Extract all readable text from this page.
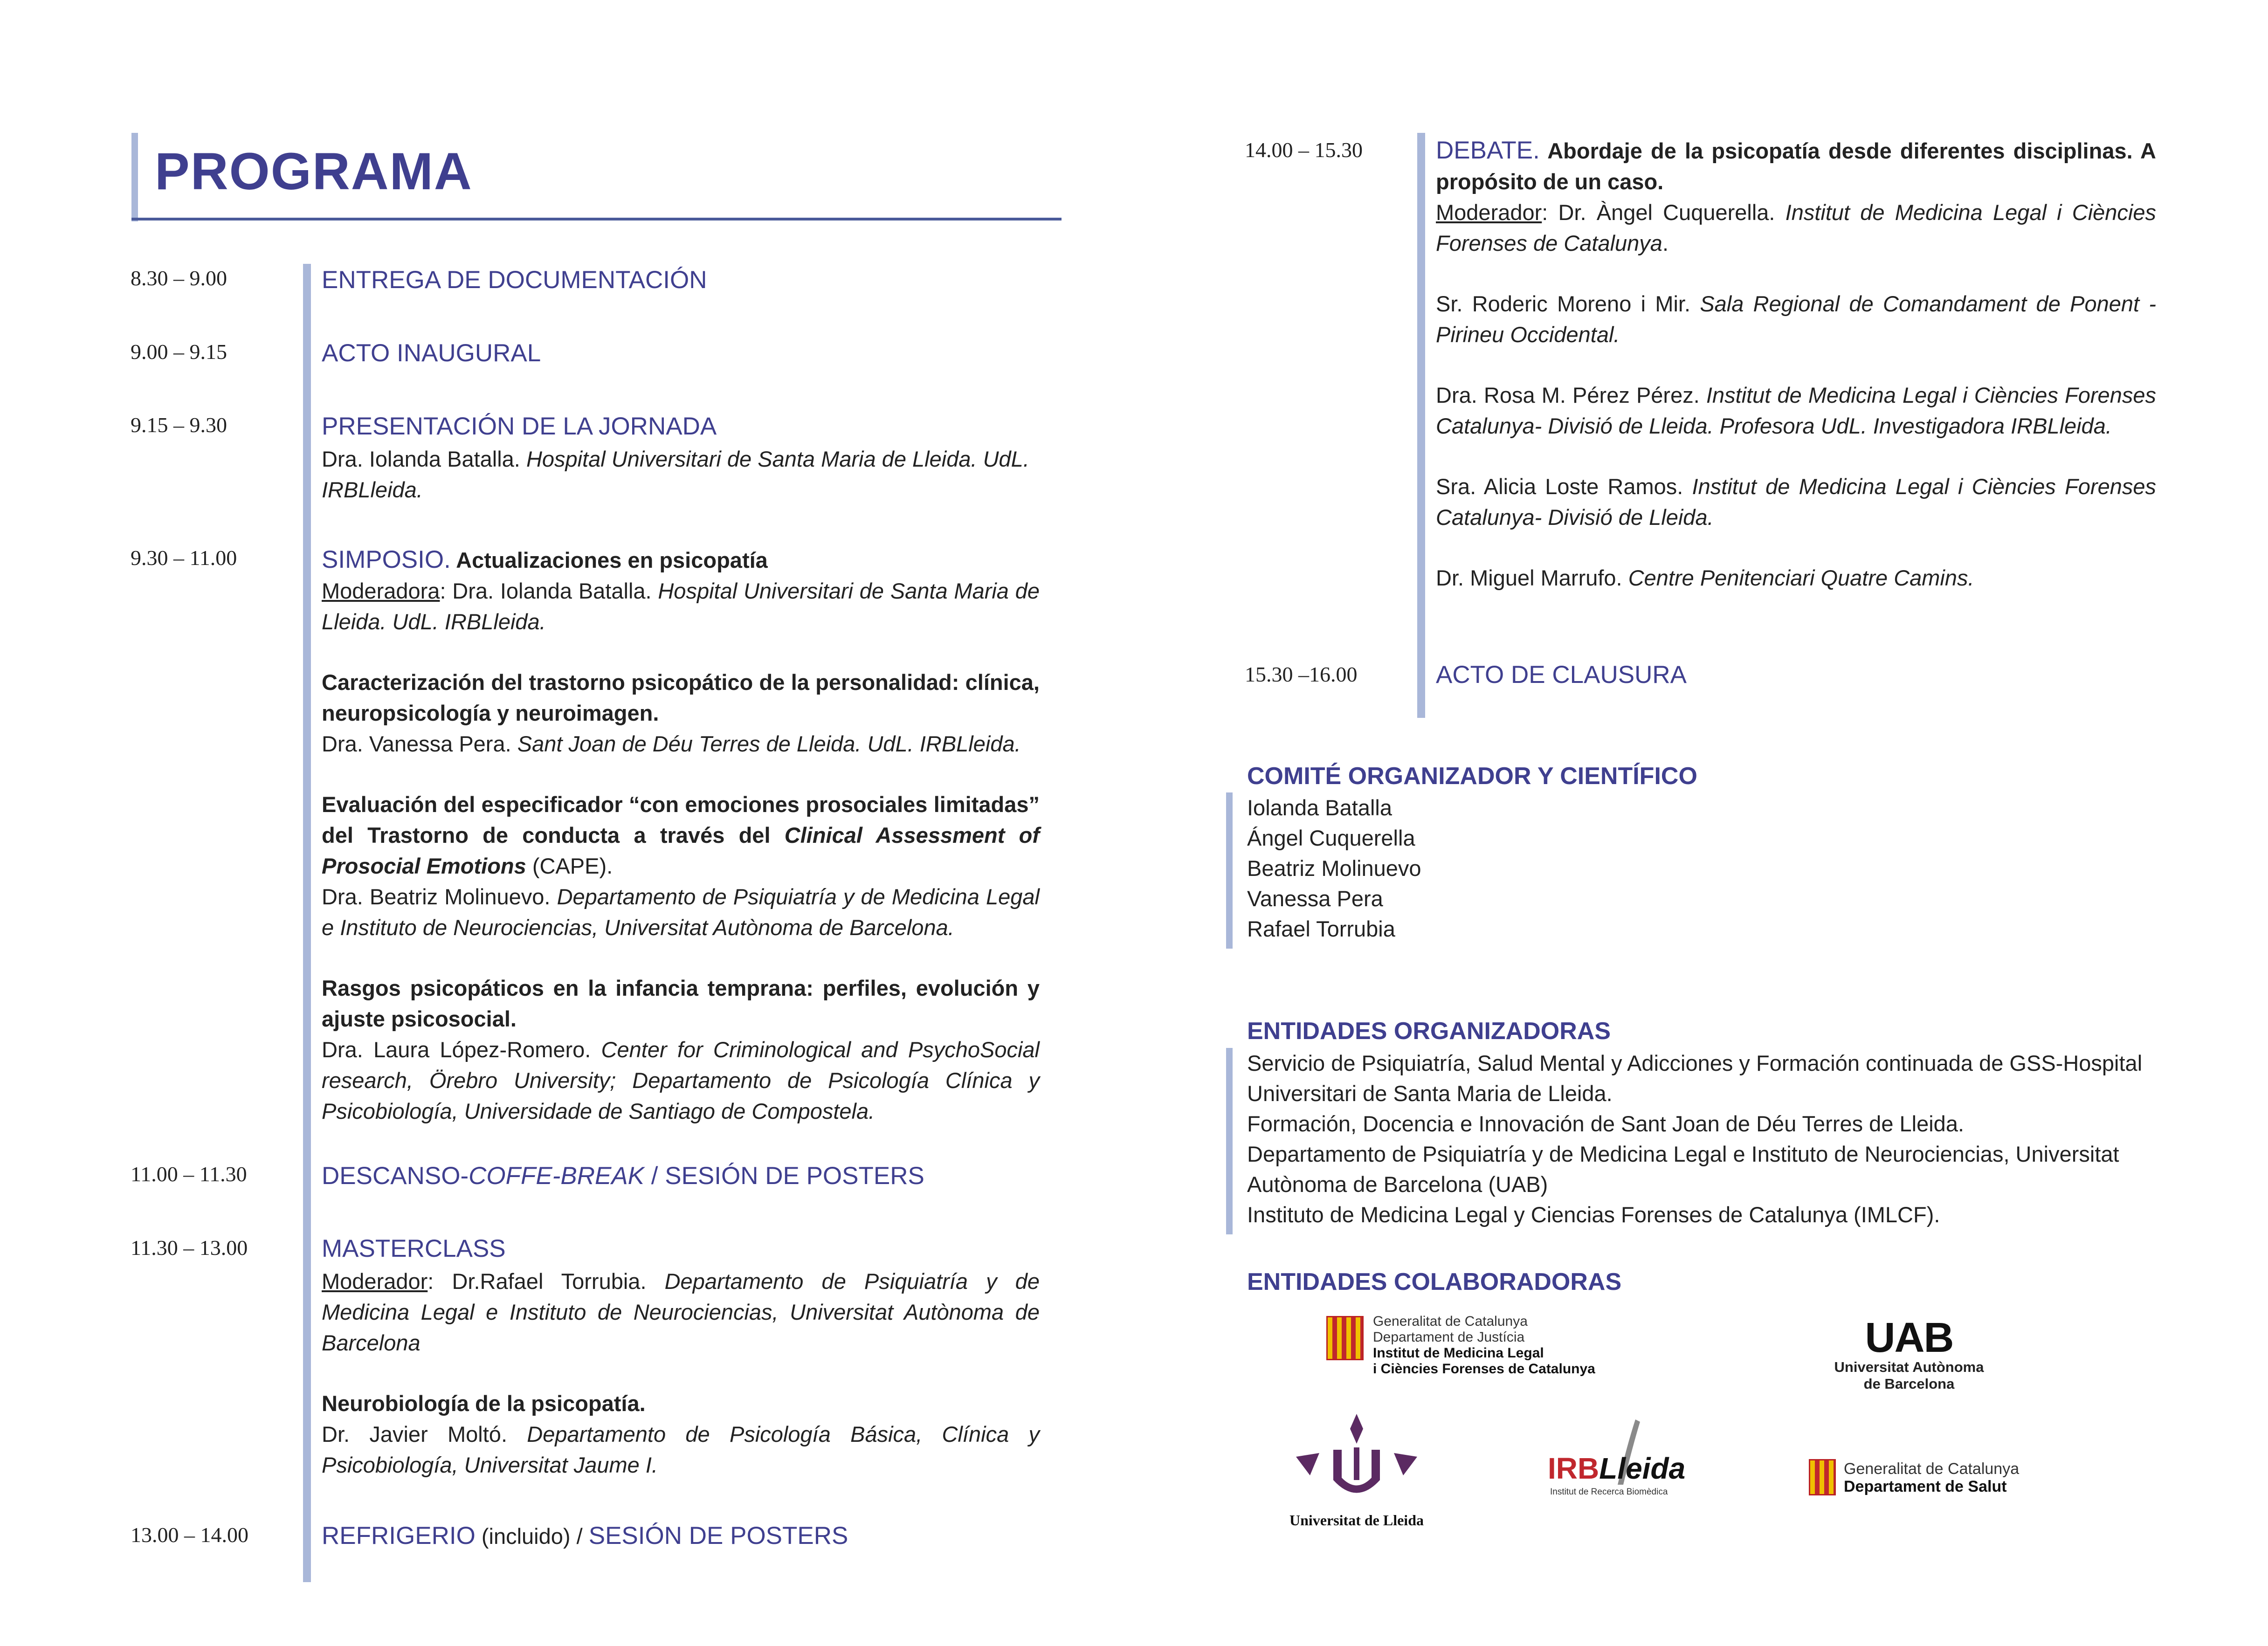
PROGRAMA
8.30 – 9.00	ENTREGA DE DOCUMENTACIÓN
9.00 – 9.15	ACTO INAUGURAL
9.15 – 9.30	PRESENTACIÓN DE LA JORNADA
Dra. Iolanda Batalla. Hospital Universitari de Santa Maria de Lleida. UdL. IRBLleida.
9.30 – 11.00	SIMPOSIO. Actualizaciones en psicopatía
Moderadora: Dra. Iolanda Batalla. Hospital Universitari de Santa Maria de Lleida. UdL. IRBLleida.
Caracterización del trastorno psicopático de la personalidad: clínica, neuropsicología y neuroimagen.
Dra. Vanessa Pera. Sant Joan de Déu Terres de Lleida. UdL. IRBLleida.
Evaluación del especificador “con emociones prosociales limitadas” del Trastorno de conducta a través del Clinical Assessment of Prosocial Emotions (CAPE).
Dra. Beatriz Molinuevo. Departamento de Psiquiatría y de Medicina Legal e Instituto de Neurociencias, Universitat Autònoma de Barcelona.
Rasgos psicopáticos en la infancia temprana: perfiles, evolución y ajuste psicosocial.
Dra. Laura López-Romero. Center for Criminological and PsychoSocial research, Örebro University; Departamento de Psicología Clínica y Psicobiología, Universidade de Santiago de Compostela.
11.00 – 11.30	DESCANSO-COFFE-BREAK / SESIÓN DE POSTERS
11.30 – 13.00	MASTERCLASS
Moderador: Dr.Rafael Torrubia. Departamento de Psiquiatría y de Medicina Legal e Instituto de Neurociencias, Universitat Autònoma de Barcelona
Neurobiología de la psicopatía.
Dr. Javier Moltó. Departamento de Psicología Básica, Clínica y Psicobiología, Universitat Jaume I.
13.00 – 14.00	REFRIGERIO (incluido) / SESIÓN DE POSTERS
14.00 – 15.30	DEBATE. Abordaje de la psicopatía desde diferentes disciplinas. A propósito de un caso.
Moderador: Dr. Àngel Cuquerella. Institut de Medicina Legal i Ciències Forenses de Catalunya.
Sr. Roderic Moreno i Mir. Sala Regional de Comandament de Ponent - Pirineu Occidental.
Dra. Rosa M. Pérez Pérez. Institut de Medicina Legal i Ciències Forenses Catalunya- Divisió de Lleida. Profesora UdL. Investigadora IRBLleida.
Sra. Alicia Loste Ramos. Institut de Medicina Legal i Ciències Forenses Catalunya- Divisió de Lleida.
Dr. Miguel Marrufo. Centre Penitenciari Quatre Camins.
15.30 –16.00	ACTO DE CLAUSURA
COMITÉ ORGANIZADOR Y CIENTÍFICO
Iolanda Batalla
Ángel Cuquerella
Beatriz Molinuevo
Vanessa Pera
Rafael Torrubia
ENTIDADES ORGANIZADORAS
Servicio de Psiquiatría, Salud Mental y Adicciones y Formación continuada de GSS-Hospital Universitari de Santa Maria de Lleida.
Formación, Docencia e Innovación de Sant Joan de Déu Terres de Lleida.
Departamento de Psiquiatría y de Medicina Legal e Instituto de Neurociencias, Universitat Autònoma de Barcelona (UAB)
Instituto de Medicina Legal y Ciencias Forenses de Catalunya (IMLCF).
ENTIDADES COLABORADORAS
Generalitat de Catalunya
Departament de Justícia
Institut de Medicina Legal
i Ciències Forenses de Catalunya
UAB
Universitat Autònoma
de Barcelona
Universitat de Lleida
IRBLleida
Institut de Recerca Biomèdica
Generalitat de Catalunya
Departament de Salut
